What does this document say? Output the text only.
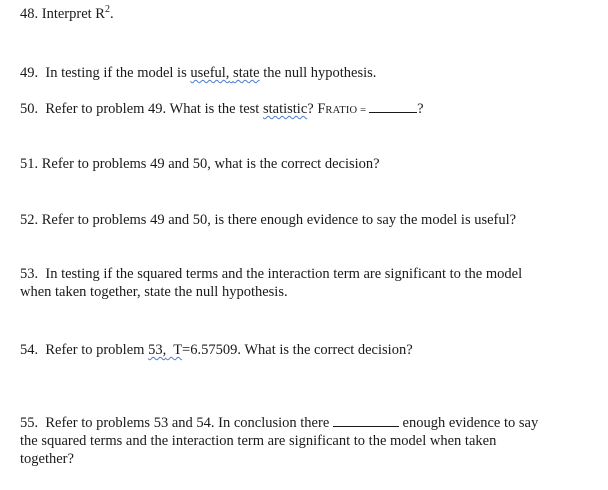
48. Interpret $R^2$.

49. In testing if the model is useful, state the null hypothesis.

50. Refer to problem 49. What is the test statistic? FRATIO =	?

51. Refer to problems 49 and 50, what is the correct decision?

52. Refer to problems 49 and 50, is there enough evidence to say the model is useful?

53. In testing if the squared terms and the interaction term are significant to the model
when taken together, state the null hypothesis.

54. Refer to problem 53, T=6.57509. What is the correct decision?

55. Refer to problems 53 and 54. In conclusion there	enough evidence to say
the squared terms and the interaction term are significant to the model when taken
together?
